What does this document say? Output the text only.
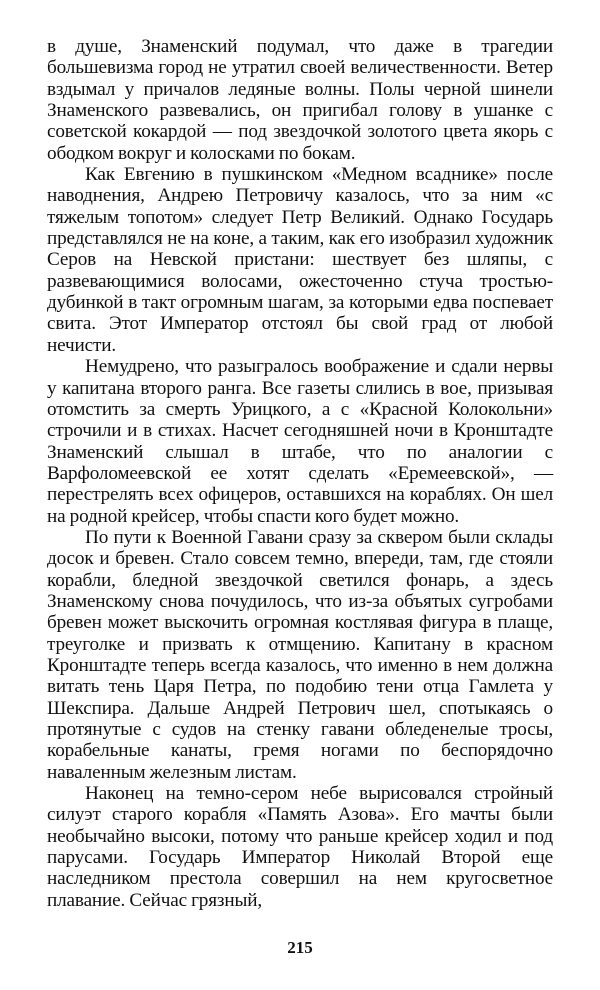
в душе, Знаменский подумал, что даже в трагедии большевизма город не утратил своей величественности. Ветер вздымал у причалов ледяные волны. Полы черной шинели Знаменского развевались, он пригибал голову в ушанке с советской кокардой — под звездочкой золотого цвета якорь с ободком вокруг и колосками по бокам.

Как Евгению в пушкинском «Медном всаднике» после наводнения, Андрею Петровичу казалось, что за ним «с тяжелым топотом» следует Петр Великий. Однако Государь представлялся не на коне, а таким, как его изобразил художник Серов на Невской пристани: шествует без шляпы, с развевающимися волосами, ожесточенно стуча тростью-дубинкой в такт огромным шагам, за которыми едва поспевает свита. Этот Император отстоял бы свой град от любой нечисти.

Немудрено, что разыгралось воображение и сдали нервы у капитана второго ранга. Все газеты слились в вое, призывая отомстить за смерть Урицкого, а с «Красной Колокольни» строчили и в стихах. Насчет сегодняшней ночи в Кронштадте Знаменский слышал в штабе, что по аналогии с Варфоломеевской ее хотят сделать «Еремеевской», — перестрелять всех офицеров, оставшихся на кораблях. Он шел на родной крейсер, чтобы спасти кого будет можно.

По пути к Военной Гавани сразу за сквером были склады досок и бревен. Стало совсем темно, впереди, там, где стояли корабли, бледной звездочкой светился фонарь, а здесь Знаменскому снова почудилось, что из-за объятых сугробами бревен может выскочить огромная костлявая фигура в плаще, треуголке и призвать к отмщению. Капитану в красном Кронштадте теперь всегда казалось, что именно в нем должна витать тень Царя Петра, по подобию тени отца Гамлета у Шекспира. Дальше Андрей Петрович шел, спотыкаясь о протянутые с судов на стенку гавани обледенелые тросы, корабельные канаты, гремя ногами по беспорядочно наваленным железным листам.

Наконец на темно-сером небе вырисовался стройный силуэт старого корабля «Память Азова». Его мачты были необычайно высоки, потому что раньше крейсер ходил и под парусами. Государь Император Николай Второй еще наследником престола совершил на нем кругосветное плавание. Сейчас грязный,

215
